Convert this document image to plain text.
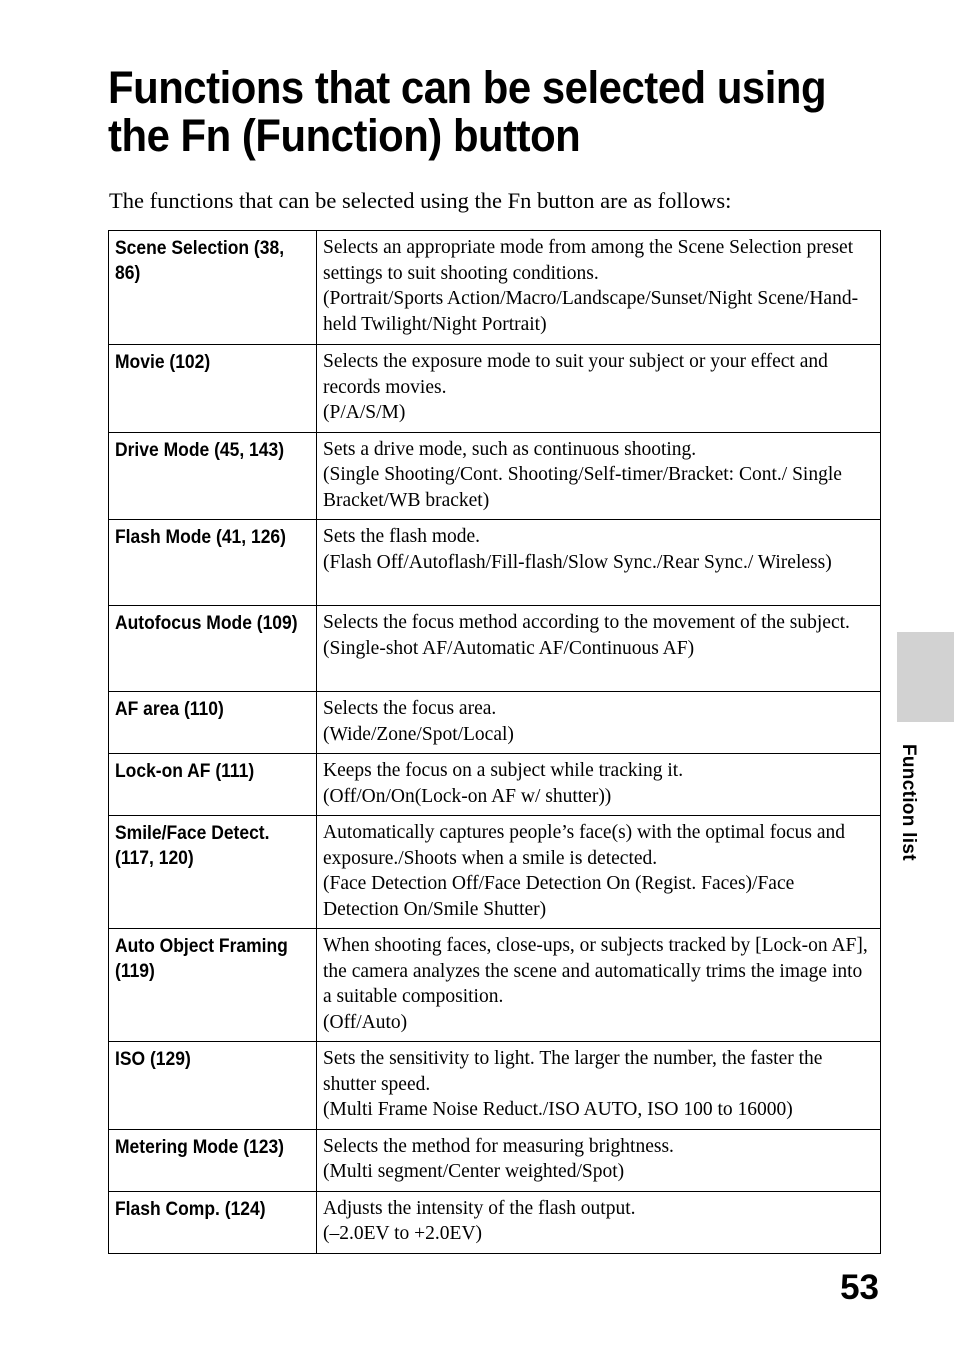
Functions that can be selected using
the Fn (Function) button

The functions that can be selected using the Fn button are as follows:

Scene Selection (38, 86)	Selects an appropriate mode from among the Scene Selection preset settings to suit shooting conditions.
(Portrait/Sports Action/Macro/Landscape/Sunset/Night Scene/Hand-held Twilight/Night Portrait)

Movie (102)	Selects the exposure mode to suit your subject or your effect and records movies.
(P/A/S/M)

Drive Mode (45, 143)	Sets a drive mode, such as continuous shooting.
(Single Shooting/Cont. Shooting/Self-timer/Bracket: Cont./ Single Bracket/WB bracket)

Flash Mode (41, 126)	Sets the flash mode.
(Flash Off/Autoflash/Fill-flash/Slow Sync./Rear Sync./ Wireless)

Autofocus Mode (109)	Selects the focus method according to the movement of the subject.
(Single-shot AF/Automatic AF/Continuous AF)

AF area (110)	Selects the focus area.
(Wide/Zone/Spot/Local)

Lock-on AF (111)	Keeps the focus on a subject while tracking it.
(Off/On/On(Lock-on AF w/ shutter))

Smile/Face Detect. (117, 120)	Automatically captures people’s face(s) with the optimal focus and exposure./Shoots when a smile is detected.
(Face Detection Off/Face Detection On (Regist. Faces)/Face Detection On/Smile Shutter)

Auto Object Framing (119)	When shooting faces, close-ups, or subjects tracked by [Lock-on AF], the camera analyzes the scene and automatically trims the image into a suitable composition.
(Off/Auto)

ISO (129)	Sets the sensitivity to light. The larger the number, the faster the shutter speed.
(Multi Frame Noise Reduct./ISO AUTO, ISO 100 to 16000)

Metering Mode (123)	Selects the method for measuring brightness.
(Multi segment/Center weighted/Spot)

Flash Comp. (124)	Adjusts the intensity of the flash output.
(–2.0EV to +2.0EV)
Function list
53
